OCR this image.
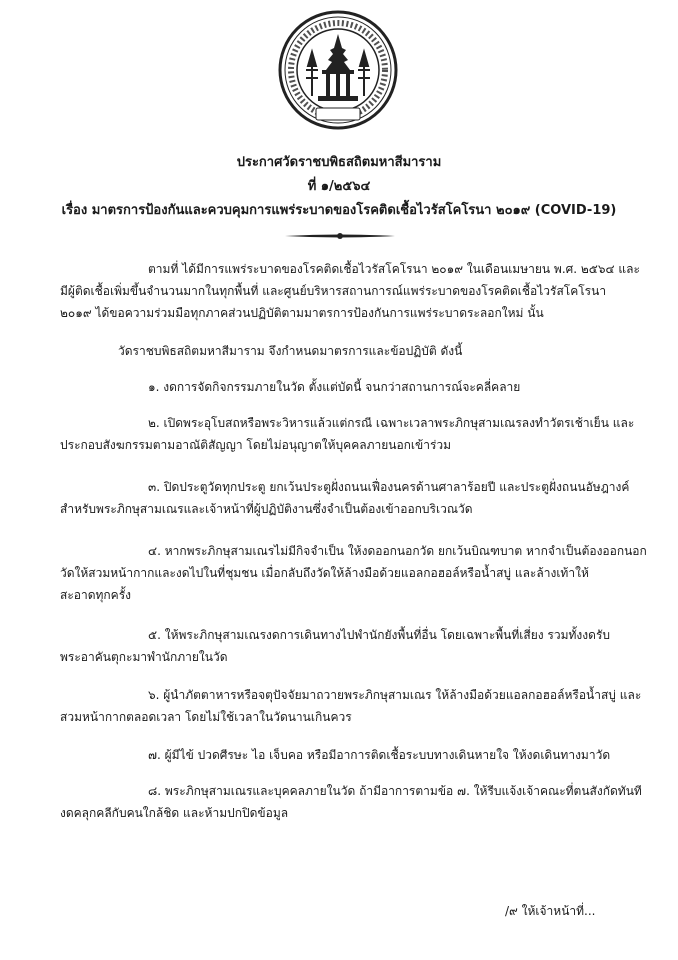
ประกาศวัดราชบพิธสถิตมหาสีมาราม
ที่ ๑/๒๕๖๔
เรื่อง มาตรการป้องกันและควบคุมการแพร่ระบาดของโรคติดเชื้อไวรัสโคโรนา ๒๐๑๙ (COVID-19)

ตามที่ ได้มีการแพร่ระบาดของโรคติดเชื้อไวรัสโคโรนา ๒๐๑๙ ในเดือนเมษายน พ.ศ. ๒๕๖๔ และ
มีผู้ติดเชื้อเพิ่มขึ้นจำนวนมากในทุกพื้นที่ และศูนย์บริหารสถานการณ์แพร่ระบาดของโรคติดเชื้อไวรัสโคโรนา
๒๐๑๙ ได้ขอความร่วมมือทุกภาคส่วนปฏิบัติตามมาตรการป้องกันการแพร่ระบาดระลอกใหม่ นั้น

วัดราชบพิธสถิตมหาสีมาราม จึงกำหนดมาตรการและข้อปฏิบัติ ดังนี้

๑. งดการจัดกิจกรรมภายในวัด ตั้งแต่บัดนี้ จนกว่าสถานการณ์จะคลี่คลาย

๒. เปิดพระอุโบสถหรือพระวิหารแล้วแต่กรณี เฉพาะเวลาพระภิกษุสามเณรลงทำวัตรเช้าเย็น และ
ประกอบสังฆกรรมตามอาณัติสัญญา โดยไม่อนุญาตให้บุคคลภายนอกเข้าร่วม

๓. ปิดประตูวัดทุกประตู ยกเว้นประตูฝั่งถนนเฟื่องนครด้านศาลาร้อยปี และประตูฝั่งถนนอัษฎางค์
สำหรับพระภิกษุสามเณรและเจ้าหน้าที่ผู้ปฏิบัติงานซึ่งจำเป็นต้องเข้าออกบริเวณวัด

๔. หากพระภิกษุสามเณรไม่มีกิจจำเป็น ให้งดออกนอกวัด ยกเว้นบิณฑบาต หากจำเป็นต้องออกนอก
วัดให้สวมหน้ากากและงดไปในที่ชุมชน เมื่อกลับถึงวัดให้ล้างมือด้วยแอลกอฮอล์หรือน้ำสบู่ และล้างเท้าให้
สะอาดทุกครั้ง

๕. ให้พระภิกษุสามเณรงดการเดินทางไปพำนักยังพื้นที่อื่น โดยเฉพาะพื้นที่เสี่ยง รวมทั้งงดรับ
พระอาคันตุกะมาพำนักภายในวัด

๖. ผู้นำภัตตาหารหรือจตุปัจจัยมาถวายพระภิกษุสามเณร ให้ล้างมือด้วยแอลกอฮอล์หรือน้ำสบู่ และ
สวมหน้ากากตลอดเวลา โดยไม่ใช้เวลาในวัดนานเกินควร

๗. ผู้มีไข้ ปวดศีรษะ ไอ เจ็บคอ หรือมีอาการติดเชื้อระบบทางเดินหายใจ ให้งดเดินทางมาวัด

๘. พระภิกษุสามเณรและบุคคลภายในวัด ถ้ามีอาการตามข้อ ๗. ให้รีบแจ้งเจ้าคณะที่ตนสังกัดทันที
งดคลุกคลีกับคนใกล้ชิด และห้ามปกปิดข้อมูล

/๙ ให้เจ้าหน้าที่...
